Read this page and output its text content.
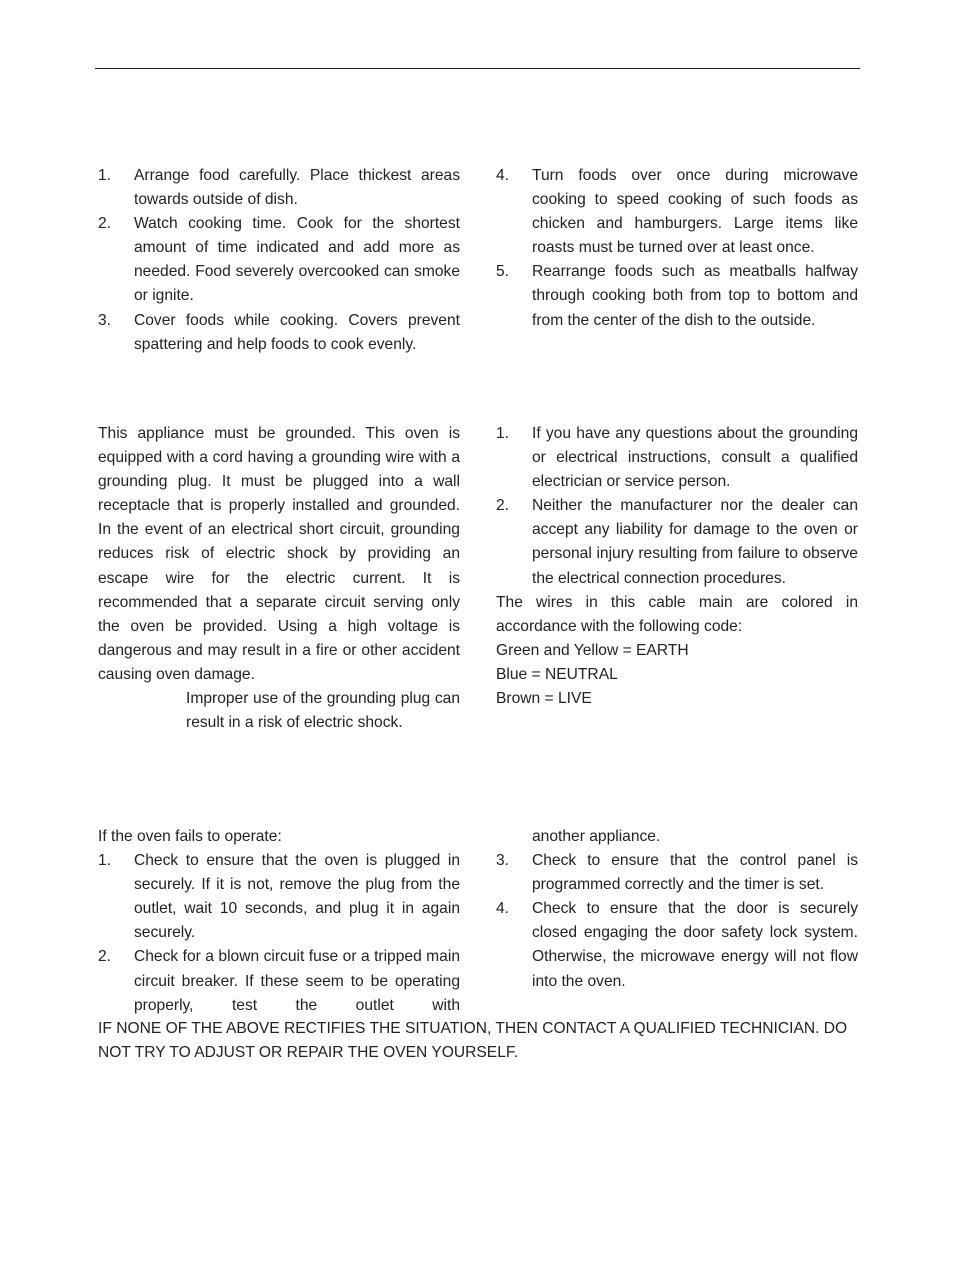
1.	Arrange food carefully. Place thickest areas towards outside of dish.
2.	Watch cooking time. Cook for the shortest amount of time indicated and add more as needed. Food severely overcooked can smoke or ignite.
3.	Cover foods while cooking. Covers prevent spattering and help foods to cook evenly.
4.	Turn foods over once during microwave cooking to speed cooking of such foods as chicken and hamburgers. Large items like roasts must be turned over at least once.
5.	Rearrange foods such as meatballs halfway through cooking both from top to bottom and from the center of the dish to the outside.

This appliance must be grounded. This oven is equipped with a cord having a grounding wire with a grounding plug. It must be plugged into a wall receptacle that is properly installed and grounded. In the event of an electrical short circuit, grounding reduces risk of electric shock by providing an escape wire for the electric current. It is recommended that a separate circuit serving only the oven be provided. Using a high voltage is dangerous and may result in a fire or other accident causing oven damage.

Improper use of the grounding plug can result in a risk of electric shock.

1.	If you have any questions about the grounding or electrical instructions, consult a qualified electrician or service person.
2.	Neither the manufacturer nor the dealer can accept any liability for damage to the oven or personal injury resulting from failure to observe the electrical connection procedures.

The wires in this cable main are colored in accordance with the following code:

Green and Yellow = EARTH

Blue = NEUTRAL

Brown = LIVE

If the oven fails to operate:

1.	Check to ensure that the oven is plugged in securely. If it is not, remove the plug from the outlet, wait 10 seconds, and plug it in again securely.
2.	Check for a blown circuit fuse or a tripped main circuit breaker. If these seem to be operating properly, test the outlet with

another appliance.

3.	Check to ensure that the control panel is programmed correctly and the timer is set.
4.	Check to ensure that the door is securely closed engaging the door safety lock system. Otherwise, the microwave energy will not flow into the oven.

IF NONE OF THE ABOVE RECTIFIES THE SITUATION, THEN CONTACT A QUALIFIED TECHNICIAN. DO NOT TRY TO ADJUST OR REPAIR THE OVEN YOURSELF.
